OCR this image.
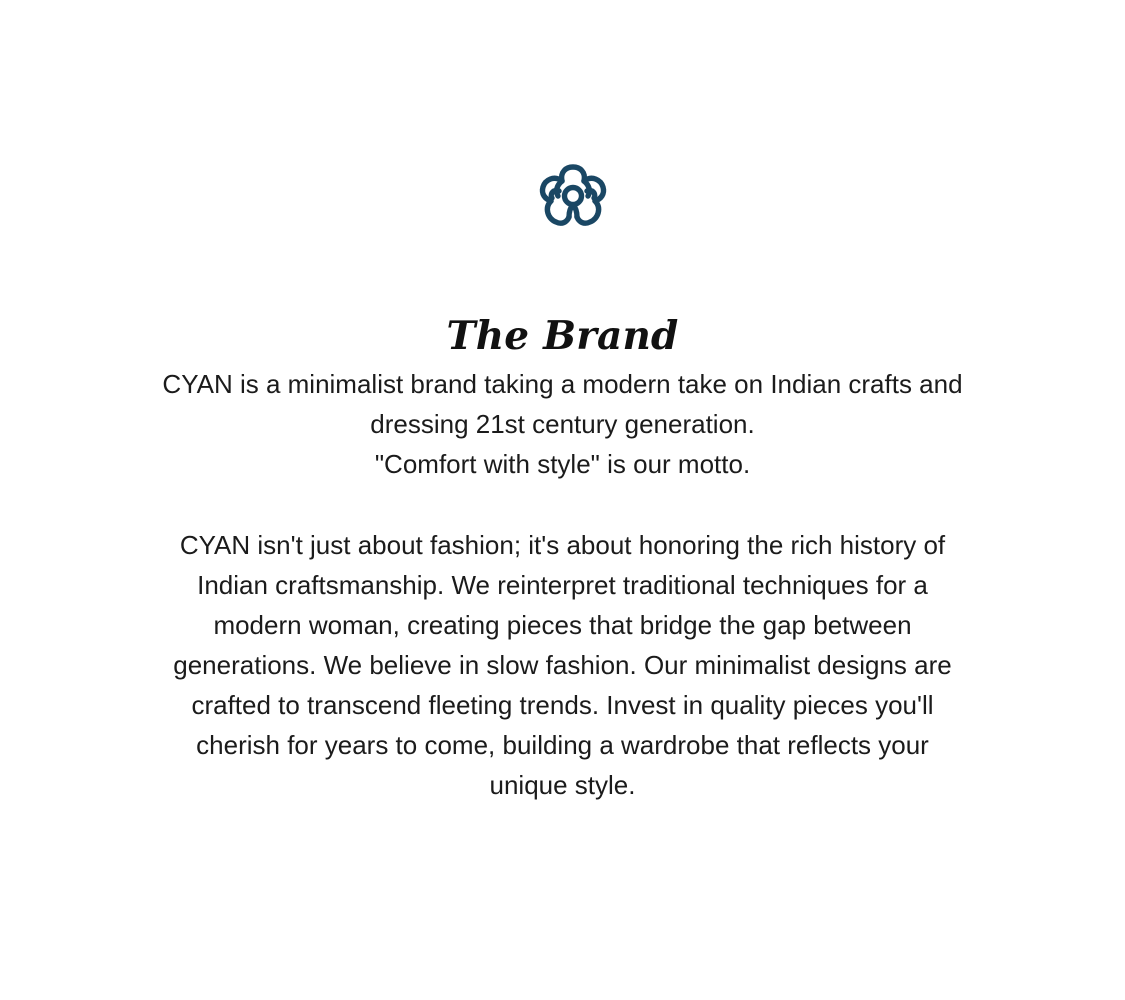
The Brand
CYAN is a minimalist brand taking a modern take on Indian crafts and
dressing 21st century generation.
"Comfort with style" is our motto.
CYAN isn't just about fashion; it's about honoring the rich history of
Indian craftsmanship. We reinterpret traditional techniques for a
modern woman, creating pieces that bridge the gap between
generations. We believe in slow fashion. Our minimalist designs are
crafted to transcend fleeting trends. Invest in quality pieces you'll
cherish for years to come, building a wardrobe that reflects your
unique style.
